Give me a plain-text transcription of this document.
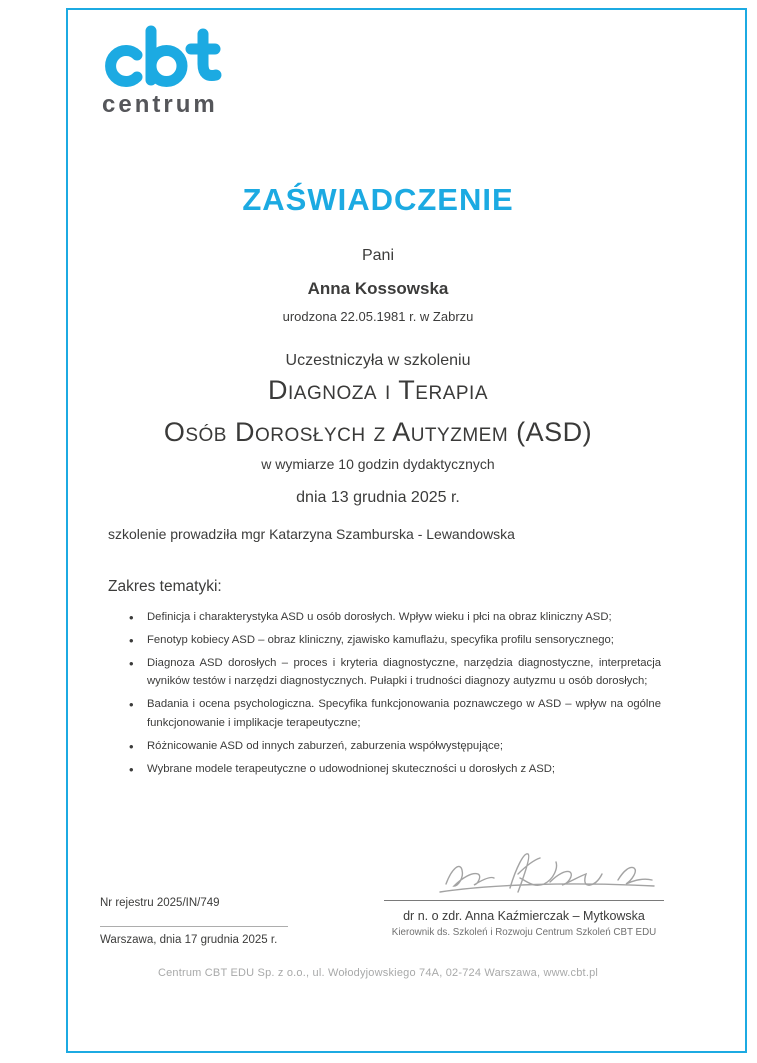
centrum
ZAŚWIADCZENIE
Pani
Anna Kossowska
urodzona 22.05.1981 r. w Zabrzu
Uczestniczyła w szkoleniu
Diagnoza i Terapia
Osób Dorosłych z Autyzmem (ASD)
w wymiarze 10 godzin dydaktycznych
dnia 13 grudnia 2025 r.
szkolenie prowadziła mgr Katarzyna Szamburska - Lewandowska
Zakres tematyki:
• Definicja i charakterystyka ASD u osób dorosłych. Wpływ wieku i płci na obraz kliniczny ASD;
• Fenotyp kobiecy ASD – obraz kliniczny, zjawisko kamuflażu, specyfika profilu sensorycznego;
• Diagnoza ASD dorosłych – proces i kryteria diagnostyczne, narzędzia diagnostyczne, interpretacja wyników testów i narzędzi diagnostycznych. Pułapki i trudności diagnozy autyzmu u osób dorosłych;
• Badania i ocena psychologiczna. Specyfika funkcjonowania poznawczego w ASD – wpływ na ogólne funkcjonowanie i implikacje terapeutyczne;
• Różnicowanie ASD od innych zaburzeń, zaburzenia współwystępujące;
• Wybrane modele terapeutyczne o udowodnionej skuteczności u dorosłych z ASD;
Nr rejestru 2025/IN/749
Warszawa, dnia 17 grudnia 2025 r.
dr n. o zdr. Anna Kaźmierczak – Mytkowska
Kierownik ds. Szkoleń i Rozwoju Centrum Szkoleń CBT EDU
Centrum CBT EDU Sp. z o.o., ul. Wołodyjowskiego 74A, 02-724 Warszawa, www.cbt.pl
